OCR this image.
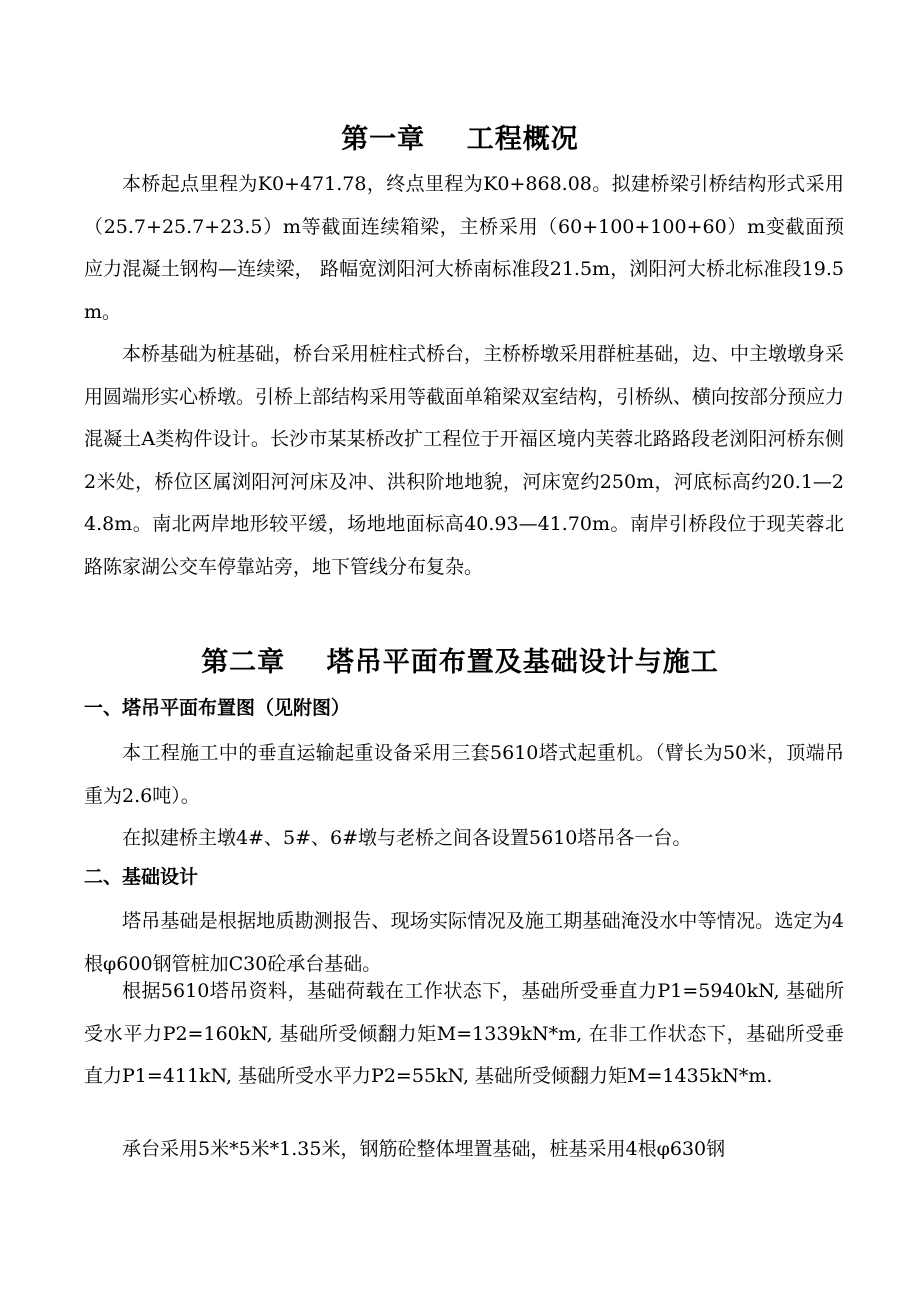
第一章    工程概况

本桥起点里程为K0+471.78，终点里程为K0+868.08。拟建桥梁引桥结构形式采用（25.7+25.7+23.5）m等截面连续箱梁，主桥采用（60+100+100+60）m变截面预应力混凝土钢构—连续梁， 路幅宽浏阳河大桥南标准段21.5m，浏阳河大桥北标准段19.5m。

本桥基础为桩基础，桥台采用桩柱式桥台，主桥桥墩采用群桩基础，边、中主墩墩身采用圆端形实心桥墩。引桥上部结构采用等截面单箱梁双室结构，引桥纵、横向按部分预应力混凝土A类构件设计。长沙市某某桥改扩工程位于开福区境内芙蓉北路路段老浏阳河桥东侧2米处，桥位区属浏阳河河床及冲、洪积阶地地貌，河床宽约250m，河底标高约20.1—24.8m。南北两岸地形较平缓，场地地面标高40.93—41.70m。南岸引桥段位于现芙蓉北路陈家湖公交车停靠站旁，地下管线分布复杂。

第二章    塔吊平面布置及基础设计与施工
一、塔吊平面布置图（见附图）

本工程施工中的垂直运输起重设备采用三套5610塔式起重机。（臂长为50米，顶端吊重为2.6吨）。

在拟建桥主墩4#、5#、6#墩与老桥之间各设置5610塔吊各一台。

二、基础设计

塔吊基础是根据地质勘测报告、现场实际情况及施工期基础淹没水中等情况。选定为4根φ600钢管桩加C30砼承台基础。

根据5610塔吊资料，基础荷载在工作状态下，基础所受垂直力P1=5940kN, 基础所受水平力P2=160kN, 基础所受倾翻力矩M=1339kN*m, 在非工作状态下，基础所受垂直力P1=411kN, 基础所受水平力P2=55kN, 基础所受倾翻力矩M=1435kN*m.

承台采用5米*5米*1.35米，钢筋砼整体埋置基础，桩基采用4根φ630钢
